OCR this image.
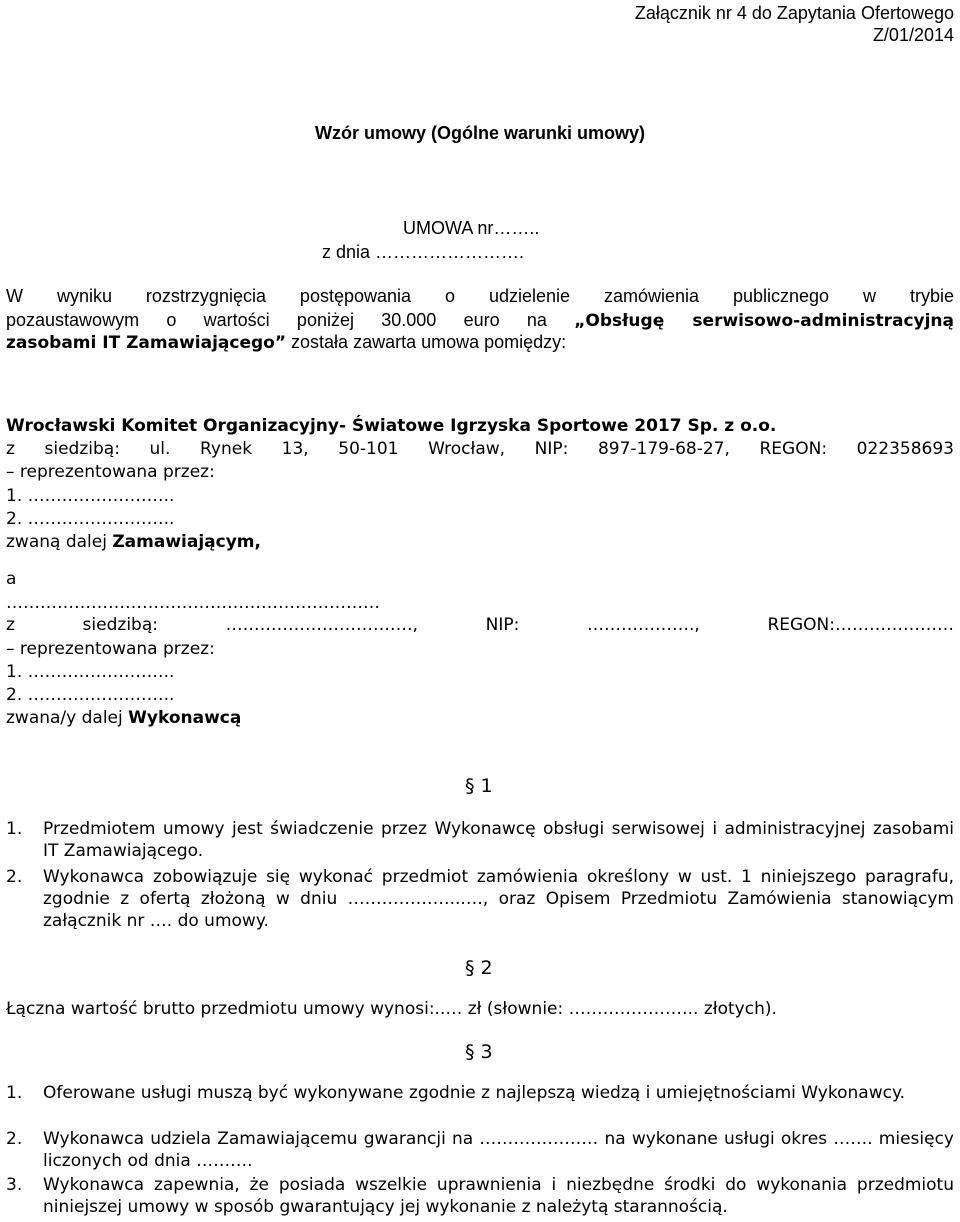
Załącznik nr 4 do Zapytania Ofertowego
Z/01/2014
Wzór umowy (Ogólne warunki umowy)
UMOWA nr……..
z dnia …………………….
W wyniku rozstrzygnięcia postępowania o udzielenie zamówienia publicznego w trybie
pozaustawowym o wartości poniżej 30.000 euro na „Obsługę serwisowo-administracyjną
zasobami IT Zamawiającego” została zawarta umowa pomiędzy:
Wrocławski Komitet Organizacyjny- Światowe Igrzyska Sportowe 2017 Sp. z o.o.
z siedzibą: ul. Rynek 13, 50-101 Wrocław, NIP: 897-179-68-27, REGON: 022358693
– reprezentowana przez:
1. ……………………..
2. ……………………..
zwaną dalej Zamawiającym,
a
…………………………………………………………
z siedzibą: ……………………………, NIP: ………………., REGON:…………………
– reprezentowana przez:
1. ……………………..
2. ……………………..
zwana/y dalej Wykonawcą
§ 1
1. Przedmiotem umowy jest świadczenie przez Wykonawcę obsługi serwisowej i administracyjnej zasobami IT Zamawiającego.
2. Wykonawca zobowiązuje się wykonać przedmiot zamówienia określony w ust. 1 niniejszego paragrafu, zgodnie z ofertą złożoną w dniu ………………...…, oraz Opisem Przedmiotu Zamówienia stanowiącym załącznik nr …. do umowy.
§ 2
Łączna wartość brutto przedmiotu umowy wynosi:..… zł (słownie: ………………….. złotych).
§ 3
1. Oferowane usługi muszą być wykonywane zgodnie z najlepszą wiedzą i umiejętnościami Wykonawcy.
2. Wykonawca udziela Zamawiającemu gwarancji na ………………… na wykonane usługi okres ……. miesięcy liczonych od dnia ……….
3. Wykonawca zapewnia, że posiada wszelkie uprawnienia i niezbędne środki do wykonania przedmiotu niniejszej umowy w sposób gwarantujący jej wykonanie z należytą starannością.
